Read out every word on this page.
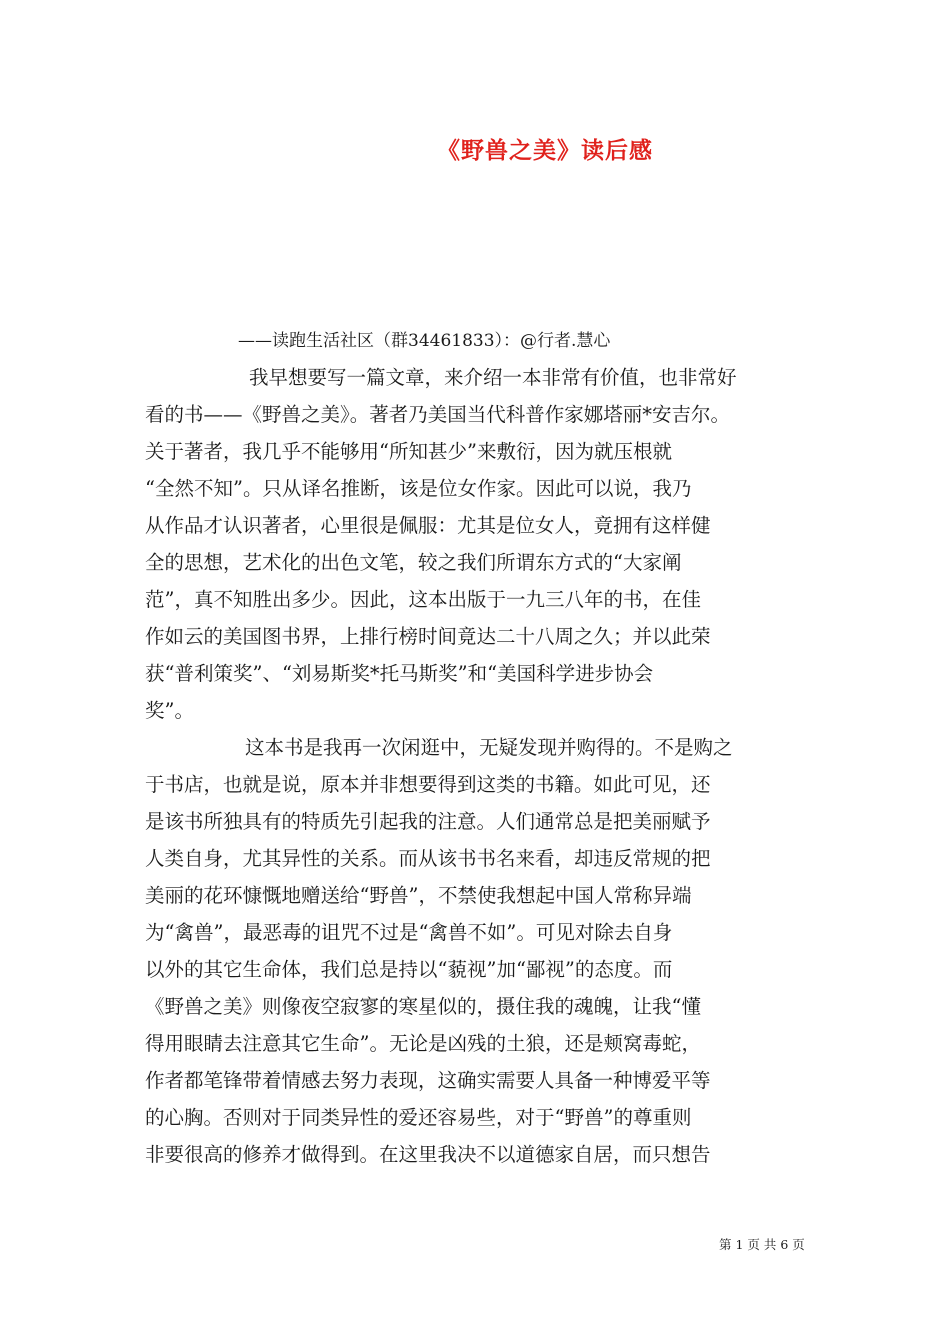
《野兽之美》读后感
——读跑生活社区（群34461833）：@行者.慧心
我早想要写一篇文章，来介绍一本非常有价值，也非常好
看的书——《野兽之美》。著者乃美国当代科普作家娜塔丽*安吉尔。
关于著者，我几乎不能够用“所知甚少”来敷衍，因为就压根就
“全然不知”。只从译名推断，该是位女作家。因此可以说，我乃
从作品才认识著者，心里很是佩服：尤其是位女人，竟拥有这样健
全的思想，艺术化的出色文笔，较之我们所谓东方式的“大家阐
范”，真不知胜出多少。因此，这本出版于一九三八年的书，在佳
作如云的美国图书界，上排行榜时间竟达二十八周之久；并以此荣
获“普利策奖”、“刘易斯奖*托马斯奖”和“美国科学进步协会
奖”。
这本书是我再一次闲逛中，无疑发现并购得的。不是购之
于书店，也就是说，原本并非想要得到这类的书籍。如此可见，还
是该书所独具有的特质先引起我的注意。人们通常总是把美丽赋予
人类自身，尤其异性的关系。而从该书书名来看，却违反常规的把
美丽的花环慷慨地赠送给“野兽”，不禁使我想起中国人常称异端
为“禽兽”，最恶毒的诅咒不过是“禽兽不如”。可见对除去自身
以外的其它生命体，我们总是持以“藐视”加“鄙视”的态度。而
《野兽之美》则像夜空寂寥的寒星似的，摄住我的魂魄，让我“懂
得用眼睛去注意其它生命”。无论是凶残的土狼，还是颊窝毒蛇，
作者都笔锋带着情感去努力表现，这确实需要人具备一种博爱平等
的心胸。否则对于同类异性的爱还容易些，对于“野兽”的尊重则
非要很高的修养才做得到。在这里我决不以道德家自居，而只想告
第 1 页 共 6 页
